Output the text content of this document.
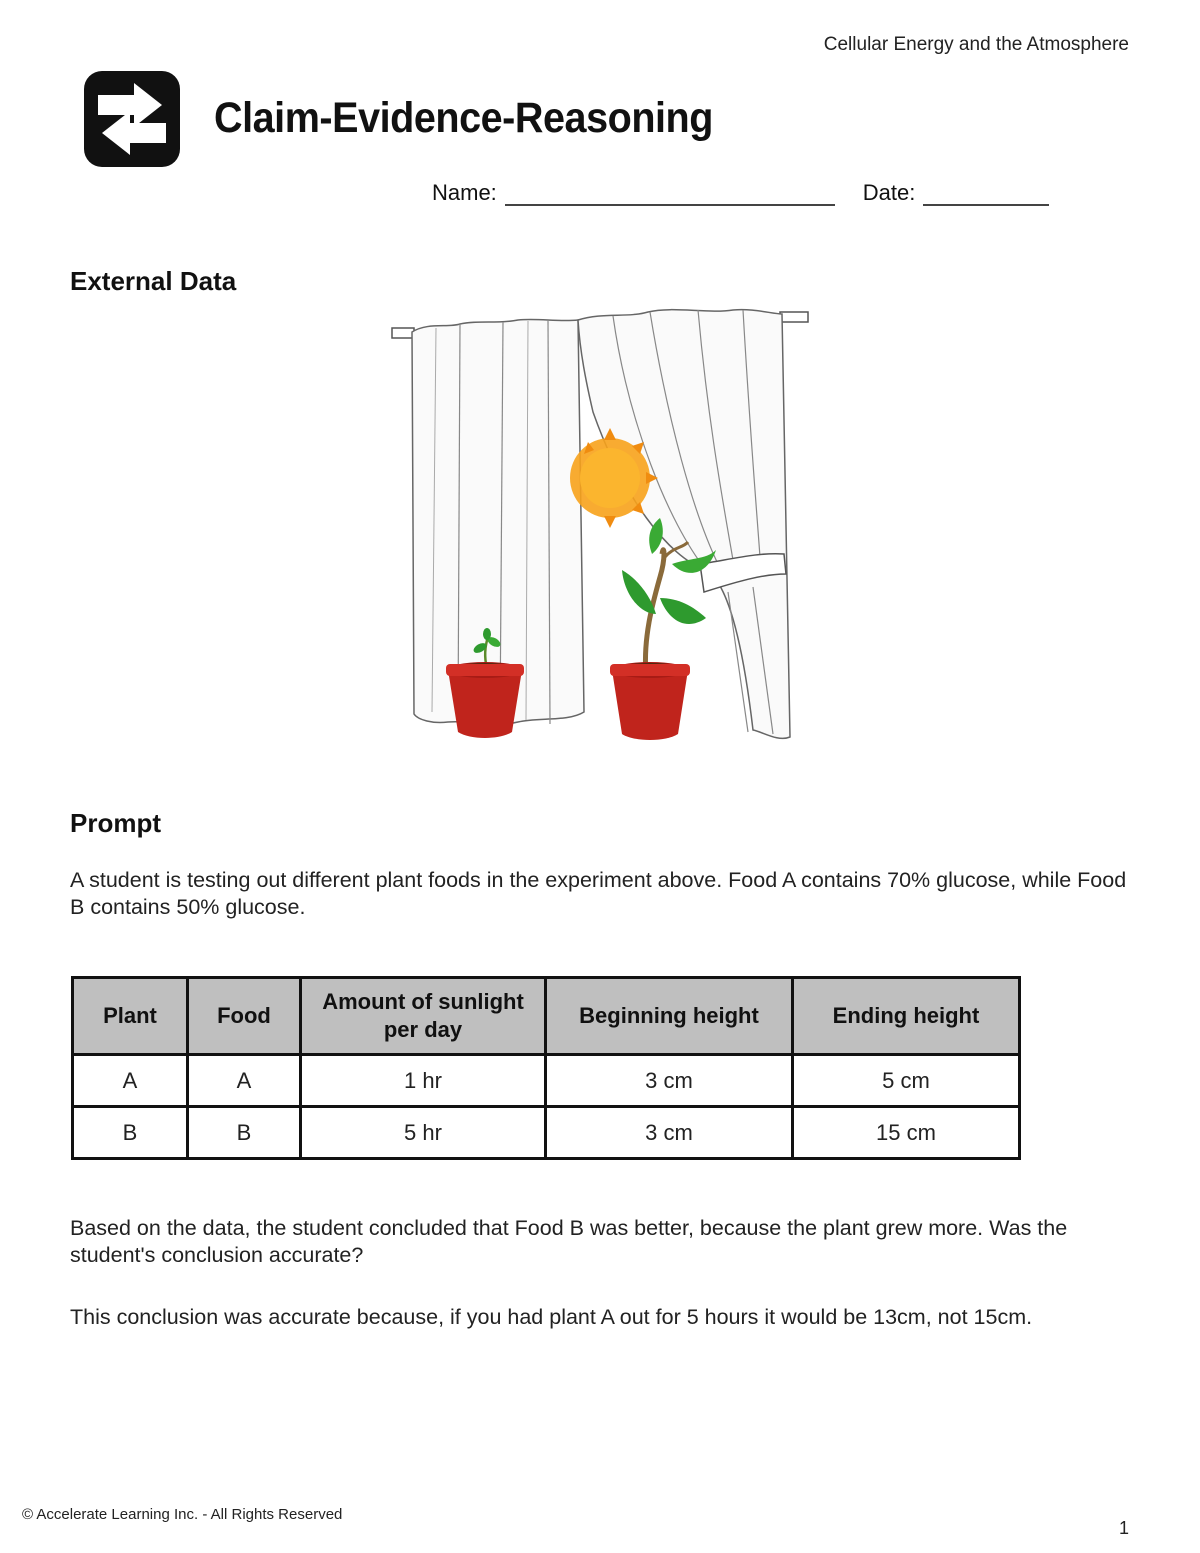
Cellular Energy and the Atmosphere
Claim-Evidence-Reasoning
Name:	Date:
External Data
Prompt
A student is testing out different plant foods in the experiment above. Food A contains 70% glucose, while Food B contains 50% glucose.
Plant	Food	Amount of sunlight per day	Beginning height	Ending height
A	A	1 hr	3 cm	5 cm
B	B	5 hr	3 cm	15 cm
Based on the data, the student concluded that Food B was better, because the plant grew more. Was the student's conclusion accurate?
This conclusion was accurate because, if you had plant A out for 5 hours it would be 13cm, not 15cm.
© Accelerate Learning Inc. - All Rights Reserved
1
